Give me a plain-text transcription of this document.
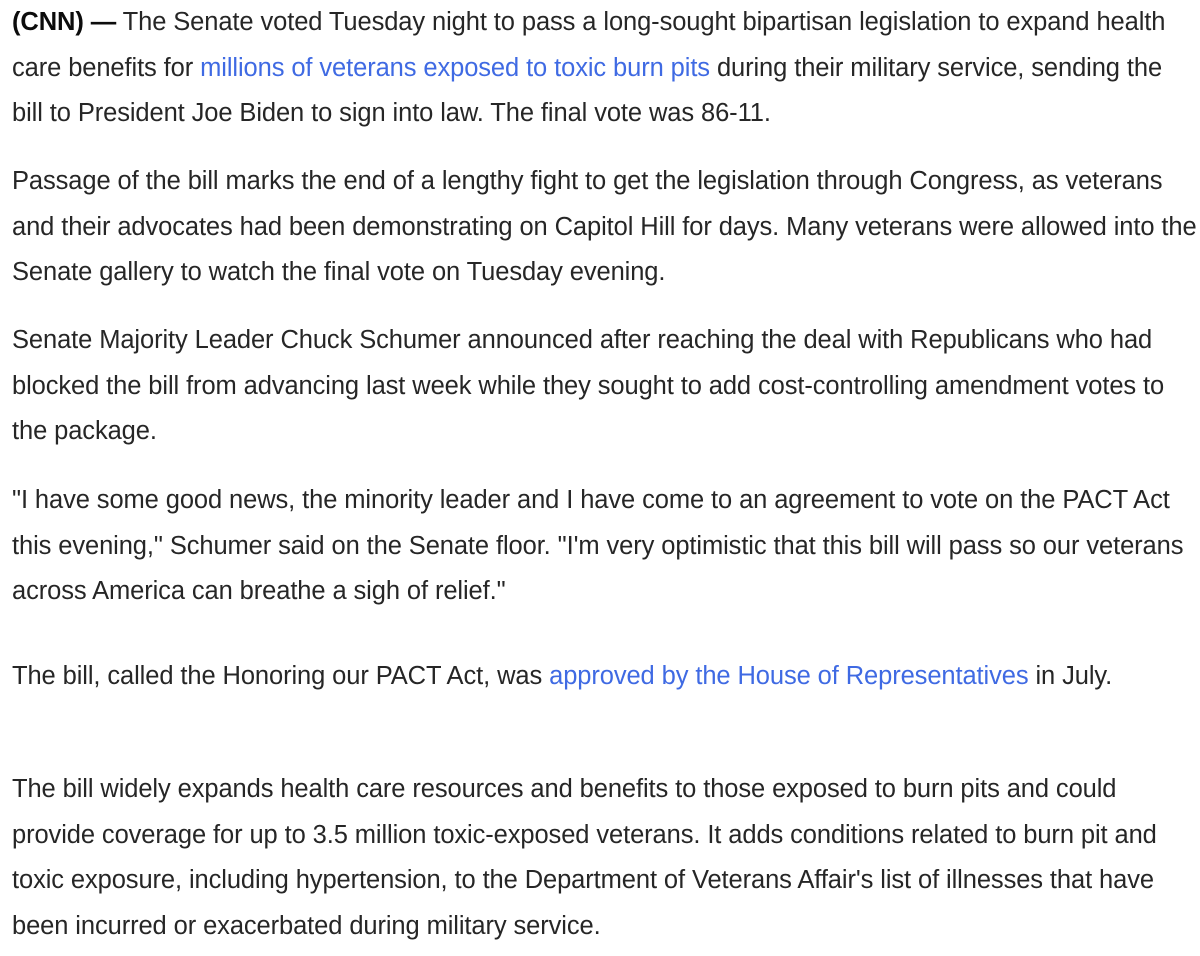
(CNN) — The Senate voted Tuesday night to pass a long-sought bipartisan legislation to expand health care benefits for millions of veterans exposed to toxic burn pits during their military service, sending the bill to President Joe Biden to sign into law. The final vote was 86-11.

Passage of the bill marks the end of a lengthy fight to get the legislation through Congress, as veterans and their advocates had been demonstrating on Capitol Hill for days. Many veterans were allowed into the Senate gallery to watch the final vote on Tuesday evening.

Senate Majority Leader Chuck Schumer announced after reaching the deal with Republicans who had blocked the bill from advancing last week while they sought to add cost-controlling amendment votes to the package.

"I have some good news, the minority leader and I have come to an agreement to vote on the PACT Act this evening," Schumer said on the Senate floor. "I'm very optimistic that this bill will pass so our veterans across America can breathe a sigh of relief."

The bill, called the Honoring our PACT Act, was approved by the House of Representatives in July.

The bill widely expands health care resources and benefits to those exposed to burn pits and could provide coverage for up to 3.5 million toxic-exposed veterans. It adds conditions related to burn pit and toxic exposure, including hypertension, to the Department of Veterans Affair's list of illnesses that have been incurred or exacerbated during military service.
